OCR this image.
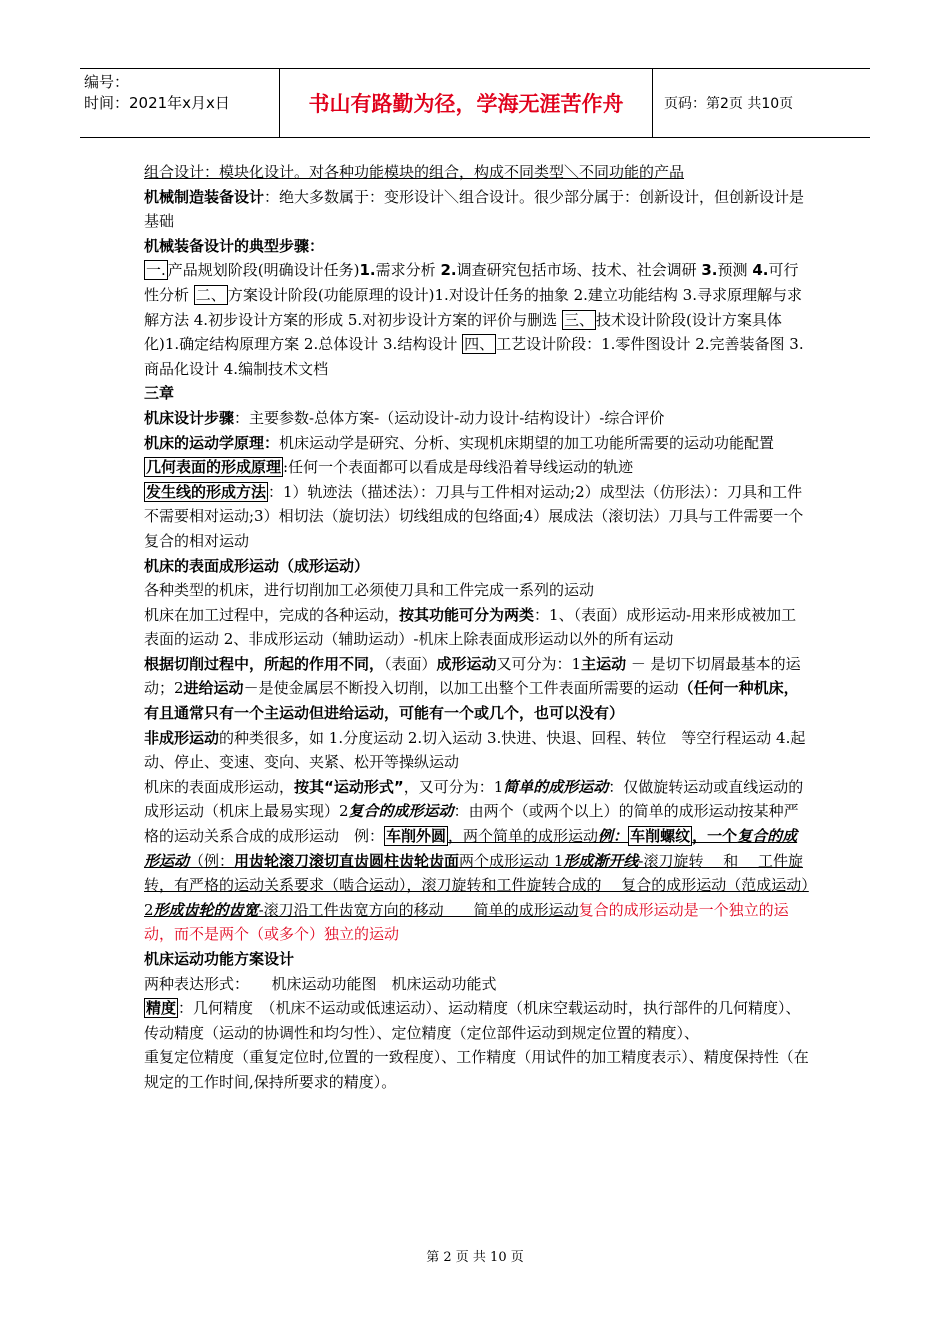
编号：
时间：2021年x月x日	书山有路勤为径，学海无涯苦作舟	页码：第2页 共10页

组合设计：模块化设计。对各种功能模块的组合，构成不同类型＼不同功能的产品

机械制造装备设计：绝大多数属于：变形设计＼组合设计。很少部分属于：创新设计，但创新设计是基础

机械装备设计的典型步骤：

一. 产品规划阶段(明确设计任务)1.需求分析 2.调查研究包括市场、技术、社会调研 3.预测 4.可行性分析 二、 方案设计阶段(功能原理的设计)1.对设计任务的抽象 2.建立功能结构 3.寻求原理解与求解方法 4.初步设计方案的形成 5.对初步设计方案的评价与删选 三、 技术设计阶段(设计方案具体化)1.确定结构原理方案 2.总体设计 3.结构设计 四、 工艺设计阶段：1.零件图设计 2.完善装备图 3.商品化设计 4.编制技术文档

三章

机床设计步骤：主要参数-总体方案-（运动设计-动力设计-结构设计）-综合评价

机床的运动学原理：机床运动学是研究、分析、实现机床期望的加工功能所需要的运动功能配置

几何表面的形成原理 :任何一个表面都可以看成是母线沿着导线运动的轨迹

发生线的形成方法 ：1）轨迹法（描述法）：刀具与工件相对运动;2）成型法（仿形法）：刀具和工件不需要相对运动;3）相切法（旋切法）切线组成的包络面;4）展成法（滚切法）刀具与工件需要一个复合的相对运动

机床的表面成形运动（成形运动）

各种类型的机床，进行切削加工必须使刀具和工件完成一系列的运动

机床在加工过程中，完成的各种运动，按其功能可分为两类：1、（表面）成形运动-用来形成被加工表面的运动 2、非成形运动（辅助运动）-机床上除表面成形运动以外的所有运动

根据切削过程中，所起的作用不同，（表面）成形运动又可分为：1主运动 － 是切下切屑最基本的运动；2进给运动－是使金属层不断投入切削，以加工出整个工件表面所需要的运动（任何一种机床，有且通常只有一个主运动但进给运动，可能有一个或几个，也可以没有）

非成形运动的种类很多，如 1.分度运动 2.切入运动 3.快进、快退、回程、转位　等空行程运动 4.起动、停止、变速、变向、夹紧、松开等操纵运动

机床的表面成形运动，按其“运动形式”，又可分为：1简单的成形运动：仅做旋转运动或直线运动的成形运动（机床上最易实现）2复合的成形运动：由两个（或两个以上）的简单的成形运动按某种严格的运动关系合成的成形运动　例： 车削外圆 ，两个简单的成形运动例： 车削螺纹 ，一个复合的成形运动（例：用齿轮滚刀滚切直齿圆柱齿轮齿面两个成形运动 1形成渐开线-滚刀旋转　 和　 工件旋转，有严格的运动关系要求（啮合运动），滚刀旋转和工件旋转合成的　 复合的成形运动（范成运动）2形成齿轮的齿宽-滚刀沿工件齿宽方向的移动　　简单的成形运动复合的成形运动是一个独立的运动，而不是两个（或多个）独立的运动

机床运动功能方案设计

两种表达形式：　　机床运动功能图　机床运动功能式

精度 ：几何精度　（机床不运动或低速运动）、运动精度（机床空载运动时，执行部件的几何精度）、传动精度（运动的协调性和均匀性）、定位精度（定位部件运动到规定位置的精度）、

重复定位精度（重复定位时,位置的一致程度）、工作精度（用试件的加工精度表示）、精度保持性（在规定的工作时间,保持所要求的精度）。

第 2 页 共 10 页
